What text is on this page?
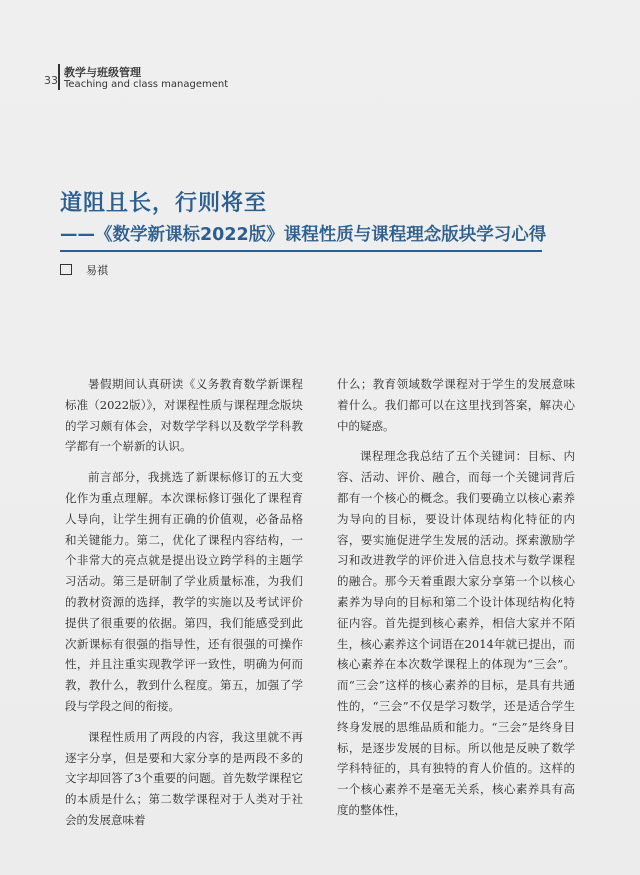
33
教学与班级管理
Teaching and class management
道阻且长，行则将至
——《数学新课标2022版》课程性质与课程理念版块学习心得
易祺

暑假期间认真研读《义务教育数学新课程标准（2022版）》，对课程性质与课程理念版块的学习颇有体会，对数学学科以及数学学科教学都有一个崭新的认识。

前言部分，我挑选了新课标修订的五大变化作为重点理解。本次课标修订强化了课程育人导向，让学生拥有正确的价值观，必备品格和关键能力。第二，优化了课程内容结构，一个非常大的亮点就是提出设立跨学科的主题学习活动。第三是研制了学业质量标准，为我们的教材资源的选择，教学的实施以及考试评价提供了很重要的依据。第四，我们能感受到此次新课标有很强的指导性，还有很强的可操作性，并且注重实现教学评一致性，明确为何而教，教什么，教到什么程度。第五，加强了学段与学段之间的衔接。

课程性质用了两段的内容，我这里就不再逐字分享，但是要和大家分享的是两段不多的文字却回答了3个重要的问题。首先数学课程它的本质是什么；第二数学课程对于人类对于社会的发展意味着

什么；教育领域数学课程对于学生的发展意味着什么。我们都可以在这里找到答案，解决心中的疑惑。

课程理念我总结了五个关键词：目标、内容、活动、评价、融合，而每一个关键词背后都有一个核心的概念。我们要确立以核心素养为导向的目标，要设计体现结构化特征的内容，要实施促进学生发展的活动。探索激励学习和改进教学的评价进入信息技术与数学课程的融合。那今天着重跟大家分享第一个以核心素养为导向的目标和第二个设计体现结构化特征内容。首先提到核心素养，相信大家并不陌生，核心素养这个词语在2014年就已提出，而核心素养在本次数学课程上的体现为“三会”。而“三会”这样的核心素养的目标，是具有共通性的，“三会”不仅是学习数学，还是适合学生终身发展的思维品质和能力。“三会”是终身目标，是逐步发展的目标。所以他是反映了数学学科特征的，具有独特的育人价值的。这样的一个核心素养不是毫无关系，核心素养具有高度的整体性，
